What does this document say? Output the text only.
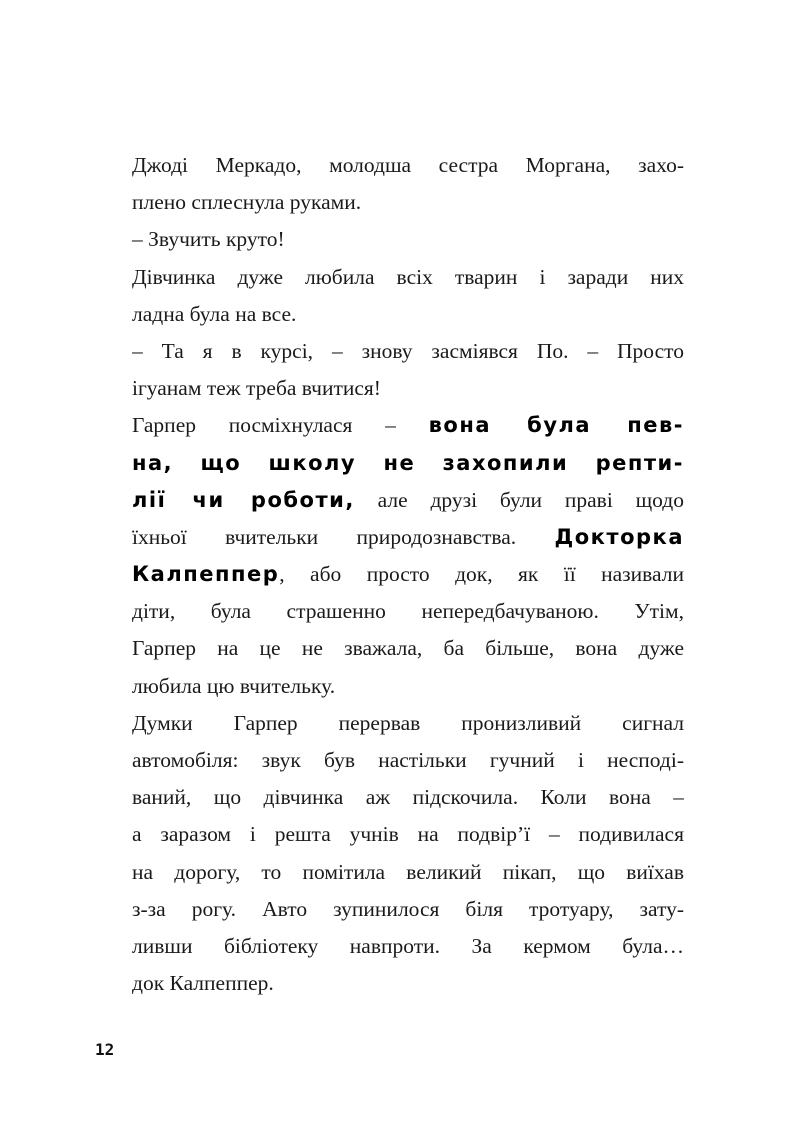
Джоді Меркадо, молодша сестра Моргана, захо-
плено сплеснула руками.
– Звучить круто!
Дівчинка дуже любила всіх тварин і заради них
ладна була на все.
– Та я в курсі, – знову засміявся По. – Просто
ігуанам теж треба вчитися!
Гарпер посміхнулася – вона була пев-
на, що школу не захопили репти-
лії чи роботи, але друзі були праві щодо
їхньої вчительки природознавства. Докторка
Калпеппер, або просто док, як її називали
діти, була страшенно непередбачуваною. Утім,
Гарпер на це не зважала, ба більше, вона дуже
любила цю вчительку.
Думки Гарпер перервав пронизливий сигнал
автомобіля: звук був настільки гучний і несподі-
ваний, що дівчинка аж підскочила. Коли вона –
а заразом і решта учнів на подвір’ї – подивилася
на дорогу, то помітила великий пікап, що виїхав
з-за рогу. Авто зупинилося біля тротуару, зату-
ливши бібліотеку навпроти. За кермом була…
док Калпеппер.
12
